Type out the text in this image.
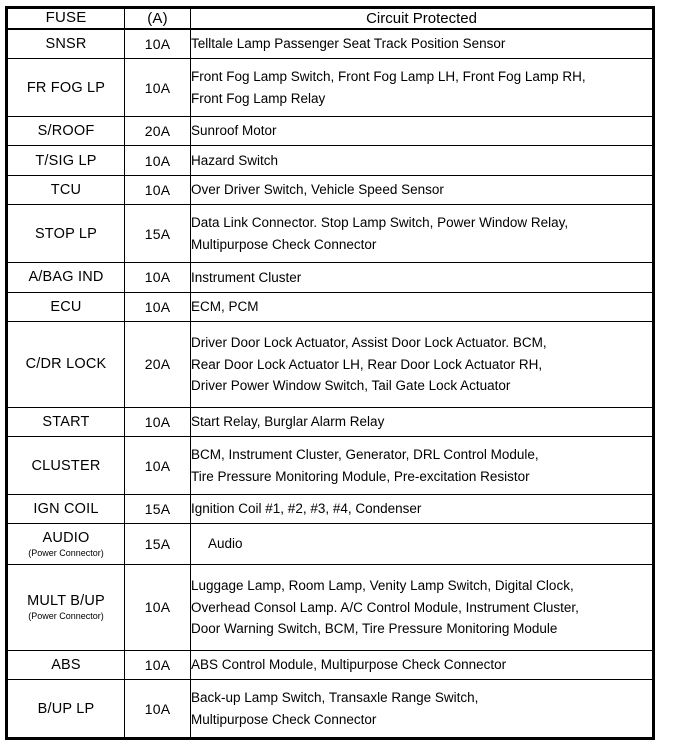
FUSE	(A)	Circuit Protected
SNSR	10A	Telltale Lamp Passenger Seat Track Position Sensor

FR FOG LP	10A	Front Fog Lamp Switch, Front Fog Lamp LH, Front Fog Lamp RH,
Front Fog Lamp Relay

S/ROOF	20A	Sunroof Motor

T/SIG LP	10A	Hazard Switch

TCU	10A	Over Driver Switch, Vehicle Speed Sensor

STOP LP	15A	Data Link Connector. Stop Lamp Switch, Power Window Relay,
Multipurpose Check Connector

A/BAG IND	10A	Instrument Cluster

ECU	10A	ECM, PCM

C/DR LOCK	20A	Driver Door Lock Actuator, Assist Door Lock Actuator. BCM,
Rear Door Lock Actuator LH, Rear Door Lock Actuator RH,
Driver Power Window Switch, Tail Gate Lock Actuator

START	10A	Start Relay, Burglar Alarm Relay

CLUSTER	10A	BCM, Instrument Cluster, Generator, DRL Control Module,
Tire Pressure Monitoring Module, Pre-excitation Resistor

IGN COIL	15A	Ignition Coil #1, #2, #3, #4, Condenser

AUDIO
(Power Connector)	15A	Audio

MULT B/UP
(Power Connector)	10A	Luggage Lamp, Room Lamp, Venity Lamp Switch, Digital Clock,
Overhead Consol Lamp. A/C Control Module, Instrument Cluster,
Door Warning Switch, BCM, Tire Pressure Monitoring Module

ABS	10A	ABS Control Module, Multipurpose Check Connector

B/UP LP	10A	Back-up Lamp Switch, Transaxle Range Switch,
Multipurpose Check Connector
